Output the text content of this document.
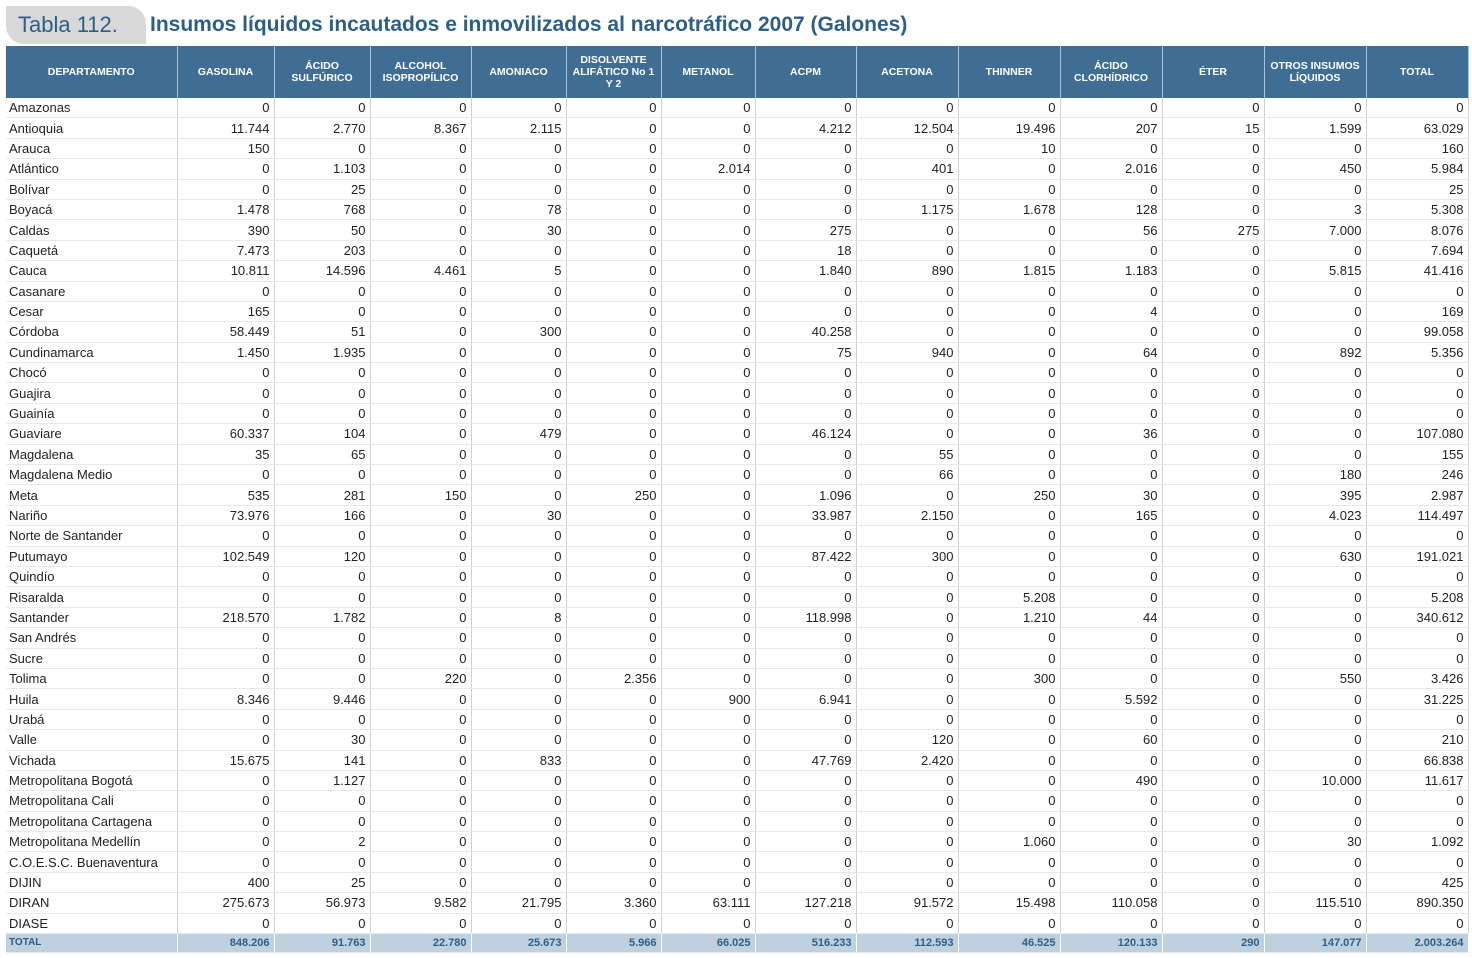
Tabla 112.	Insumos líquidos incautados e inmovilizados al narcotráfico 2007 (Galones)
DEPARTAMENTO	GASOLINA	ÁCIDO SULFÚRICO	ALCOHOL ISOPROPÍLICO	AMONIACO	DISOLVENTE ALIFÁTICO No 1 Y 2	METANOL	ACPM	ACETONA	THINNER	ÁCIDO CLORHÍDRICO	ÉTER	OTROS INSUMOS LÍQUIDOS	TOTAL
Amazonas	0	0	0	0	0	0	0	0	0	0	0	0	0
Antioquia	11.744	2.770	8.367	2.115	0	0	4.212	12.504	19.496	207	15	1.599	63.029
Arauca	150	0	0	0	0	0	0	0	10	0	0	0	160
Atlántico	0	1.103	0	0	0	2.014	0	401	0	2.016	0	450	5.984
Bolívar	0	25	0	0	0	0	0	0	0	0	0	0	25
Boyacá	1.478	768	0	78	0	0	0	1.175	1.678	128	0	3	5.308
Caldas	390	50	0	30	0	0	275	0	0	56	275	7.000	8.076
Caquetá	7.473	203	0	0	0	0	18	0	0	0	0	0	7.694
Cauca	10.811	14.596	4.461	5	0	0	1.840	890	1.815	1.183	0	5.815	41.416
Casanare	0	0	0	0	0	0	0	0	0	0	0	0	0
Cesar	165	0	0	0	0	0	0	0	0	4	0	0	169
Córdoba	58.449	51	0	300	0	0	40.258	0	0	0	0	0	99.058
Cundinamarca	1.450	1.935	0	0	0	0	75	940	0	64	0	892	5.356
Chocó	0	0	0	0	0	0	0	0	0	0	0	0	0
Guajira	0	0	0	0	0	0	0	0	0	0	0	0	0
Guainía	0	0	0	0	0	0	0	0	0	0	0	0	0
Guaviare	60.337	104	0	479	0	0	46.124	0	0	36	0	0	107.080
Magdalena	35	65	0	0	0	0	0	55	0	0	0	0	155
Magdalena Medio	0	0	0	0	0	0	0	66	0	0	0	180	246
Meta	535	281	150	0	250	0	1.096	0	250	30	0	395	2.987
Nariño	73.976	166	0	30	0	0	33.987	2.150	0	165	0	4.023	114.497
Norte de Santander	0	0	0	0	0	0	0	0	0	0	0	0	0
Putumayo	102.549	120	0	0	0	0	87.422	300	0	0	0	630	191.021
Quindío	0	0	0	0	0	0	0	0	0	0	0	0	0
Risaralda	0	0	0	0	0	0	0	0	5.208	0	0	0	5.208
Santander	218.570	1.782	0	8	0	0	118.998	0	1.210	44	0	0	340.612
San Andrés	0	0	0	0	0	0	0	0	0	0	0	0	0
Sucre	0	0	0	0	0	0	0	0	0	0	0	0	0
Tolima	0	0	220	0	2.356	0	0	0	300	0	0	550	3.426
Huila	8.346	9.446	0	0	0	900	6.941	0	0	5.592	0	0	31.225
Urabá	0	0	0	0	0	0	0	0	0	0	0	0	0
Valle	0	30	0	0	0	0	0	120	0	60	0	0	210
Vichada	15.675	141	0	833	0	0	47.769	2.420	0	0	0	0	66.838
Metropolitana Bogotá	0	1.127	0	0	0	0	0	0	0	490	0	10.000	11.617
Metropolitana Cali	0	0	0	0	0	0	0	0	0	0	0	0	0
Metropolitana Cartagena	0	0	0	0	0	0	0	0	0	0	0	0	0
Metropolitana Medellín	0	2	0	0	0	0	0	0	1.060	0	0	30	1.092
C.O.E.S.C. Buenaventura	0	0	0	0	0	0	0	0	0	0	0	0	0
DIJIN	400	25	0	0	0	0	0	0	0	0	0	0	425
DIRAN	275.673	56.973	9.582	21.795	3.360	63.111	127.218	91.572	15.498	110.058	0	115.510	890.350
DIASE	0	0	0	0	0	0	0	0	0	0	0	0	0
TOTAL	848.206	91.763	22.780	25.673	5.966	66.025	516.233	112.593	46.525	120.133	290	147.077	2.003.264
